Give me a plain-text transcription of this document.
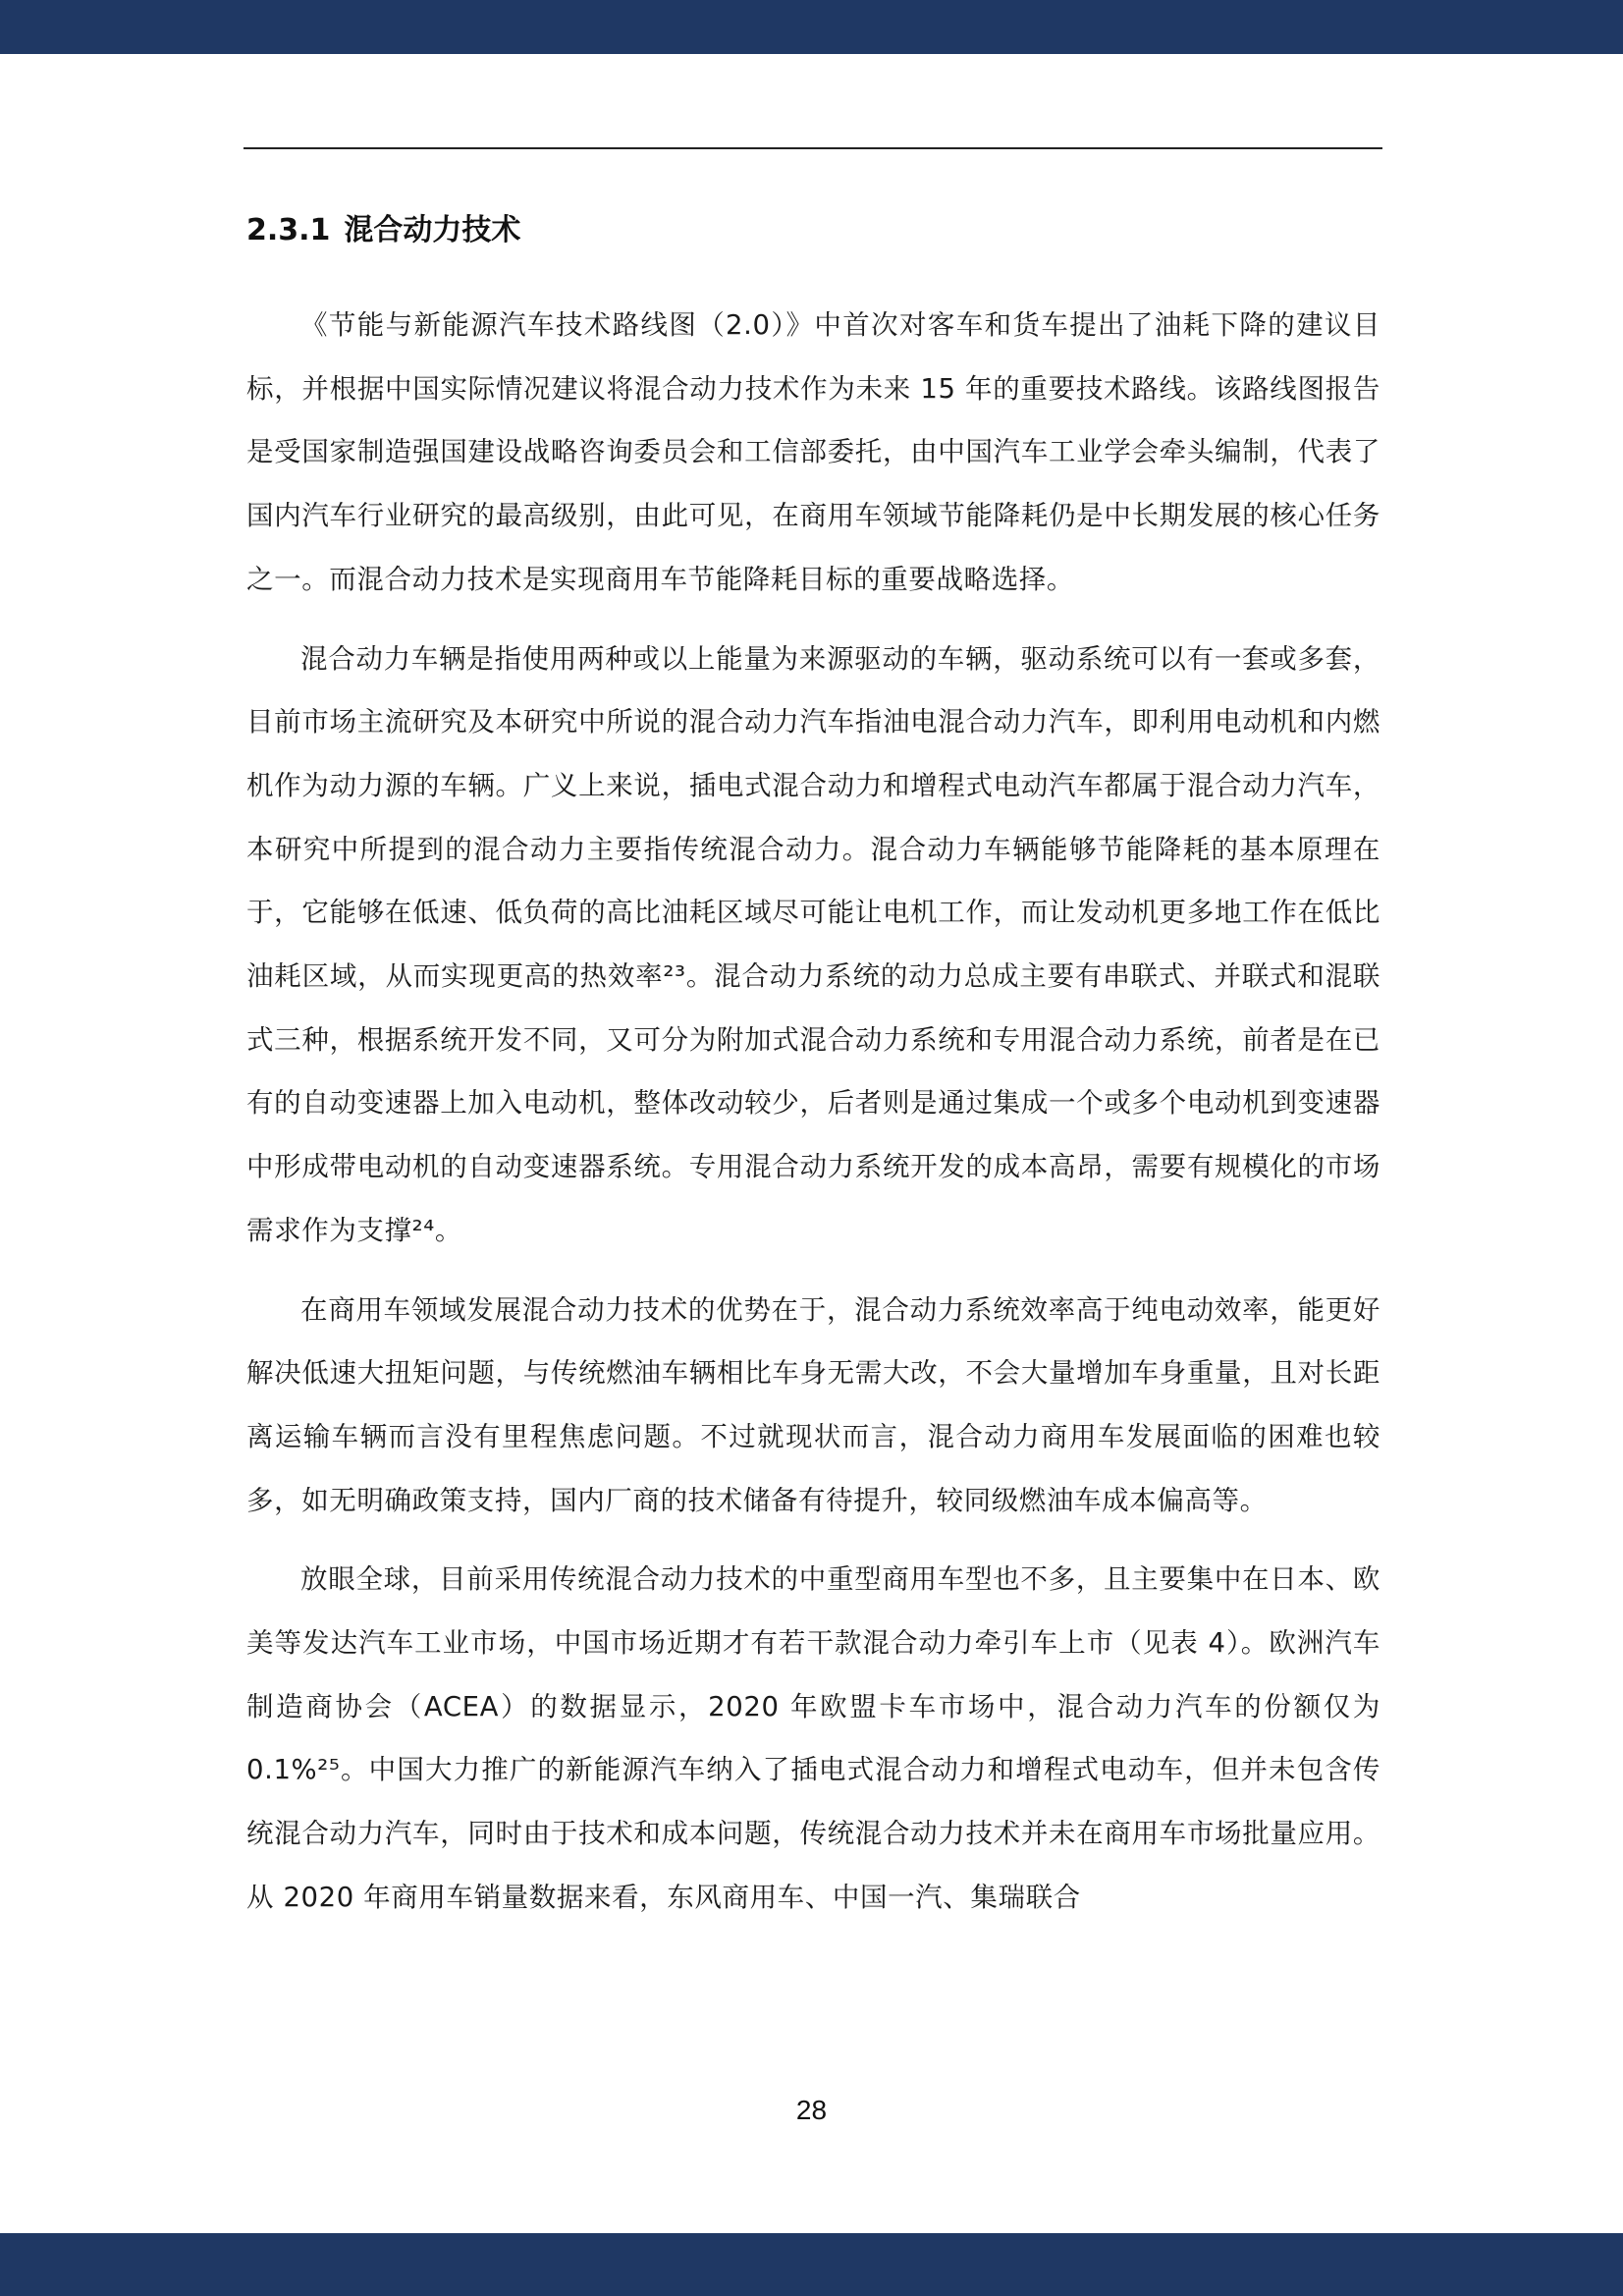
2.3.1 混合动力技术

《节能与新能源汽车技术路线图（2.0）》中首次对客车和货车提出了油耗下降的建议目标，并根据中国实际情况建议将混合动力技术作为未来 15 年的重要技术路线。该路线图报告是受国家制造强国建设战略咨询委员会和工信部委托，由中国汽车工业学会牵头编制，代表了国内汽车行业研究的最高级别，由此可见，在商用车领域节能降耗仍是中长期发展的核心任务之一。而混合动力技术是实现商用车节能降耗目标的重要战略选择。

混合动力车辆是指使用两种或以上能量为来源驱动的车辆，驱动系统可以有一套或多套，目前市场主流研究及本研究中所说的混合动力汽车指油电混合动力汽车，即利用电动机和内燃机作为动力源的车辆。广义上来说，插电式混合动力和增程式电动汽车都属于混合动力汽车，本研究中所提到的混合动力主要指传统混合动力。混合动力车辆能够节能降耗的基本原理在于，它能够在低速、低负荷的高比油耗区域尽可能让电机工作，而让发动机更多地工作在低比油耗区域，从而实现更高的热效率²³。混合动力系统的动力总成主要有串联式、并联式和混联式三种，根据系统开发不同，又可分为附加式混合动力系统和专用混合动力系统，前者是在已有的自动变速器上加入电动机，整体改动较少，后者则是通过集成一个或多个电动机到变速器中形成带电动机的自动变速器系统。专用混合动力系统开发的成本高昂，需要有规模化的市场需求作为支撑²⁴。

在商用车领域发展混合动力技术的优势在于，混合动力系统效率高于纯电动效率，能更好解决低速大扭矩问题，与传统燃油车辆相比车身无需大改，不会大量增加车身重量，且对长距离运输车辆而言没有里程焦虑问题。不过就现状而言，混合动力商用车发展面临的困难也较多，如无明确政策支持，国内厂商的技术储备有待提升，较同级燃油车成本偏高等。

放眼全球，目前采用传统混合动力技术的中重型商用车型也不多，且主要集中在日本、欧美等发达汽车工业市场，中国市场近期才有若干款混合动力牵引车上市（见表 4）。欧洲汽车制造商协会（ACEA）的数据显示，2020 年欧盟卡车市场中，混合动力汽车的份额仅为 0.1%²⁵。中国大力推广的新能源汽车纳入了插电式混合动力和增程式电动车，但并未包含传统混合动力汽车，同时由于技术和成本问题，传统混合动力技术并未在商用车市场批量应用。从 2020 年商用车销量数据来看，东风商用车、中国一汽、集瑞联合

28
